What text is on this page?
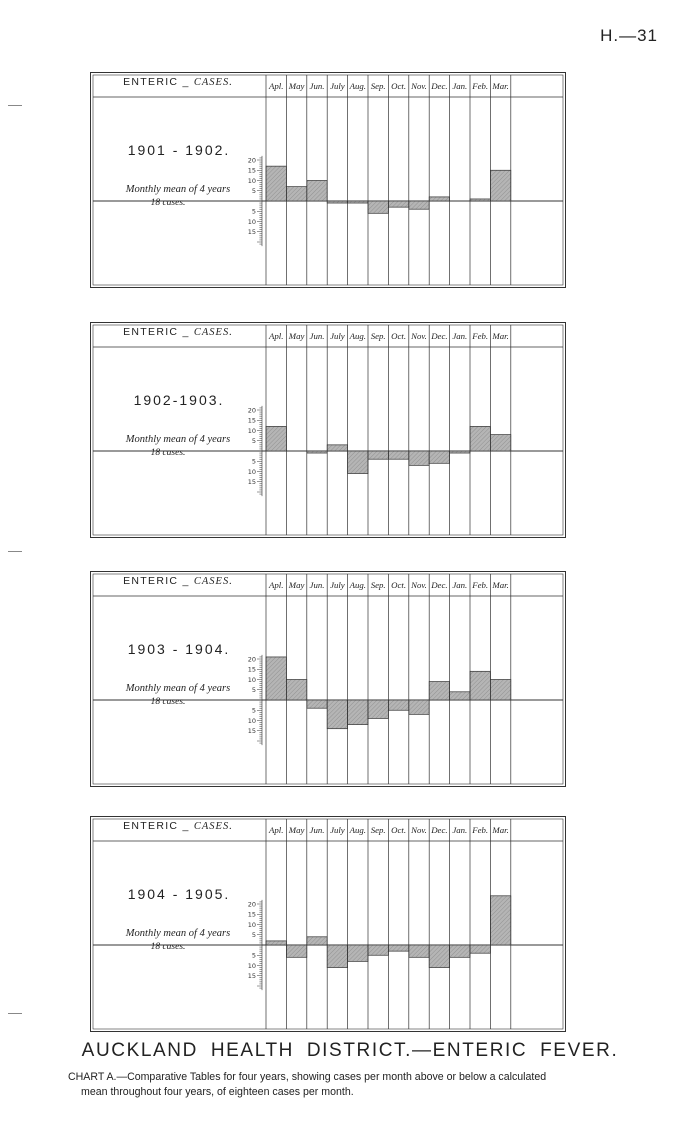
H.—31
Apl. May Jun. July Aug. Sep. Oct. Nov. Dec. Jan. Feb. Mar.
20
15
10
5
5
10
15
ENTERIC _ CASES.
1901 - 1902.
Monthly mean of 4 years
18 cases.
Apl. May Jun. July Aug. Sep. Oct. Nov. Dec. Jan. Feb. Mar.
20
15
10
5
5
10
15
ENTERIC _ CASES.
1902-1903.
Monthly mean of 4 years
18 cases.
Apl. May Jun. July Aug. Sep. Oct. Nov. Dec. Jan. Feb. Mar.
20
15
10
5
5
10
15
ENTERIC _ CASES.
1903 - 1904.
Monthly mean of 4 years
18 cases.
Apl. May Jun. July Aug. Sep. Oct. Nov. Dec. Jan. Feb. Mar.
20
15
10
5
5
10
15
ENTERIC _ CASES.
1904 - 1905.
Monthly mean of 4 years
18 cases.
AUCKLAND HEALTH DISTRICT.—ENTERIC FEVER.
CHART A.—Comparative Tables for four years, showing cases per month above or below a calculated
mean throughout four years, of eighteen cases per month.
